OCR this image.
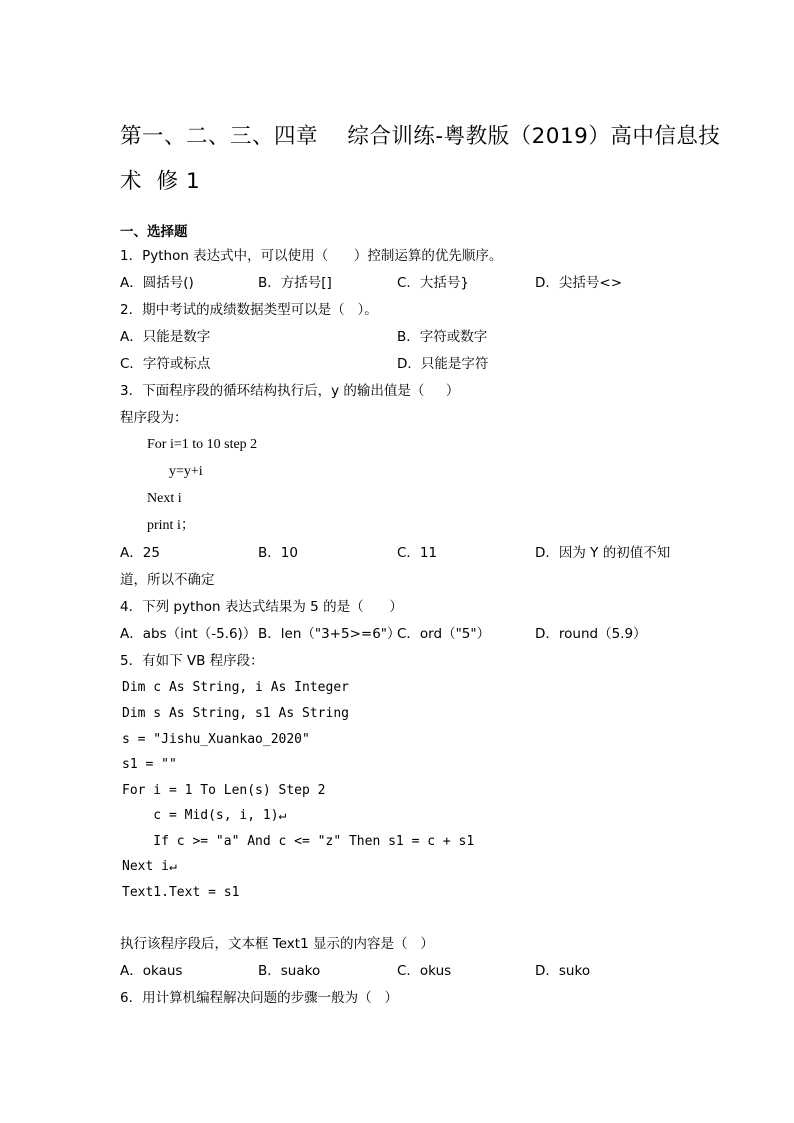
第一、二、三、四章    综合训练-粤教版（2019）高中信息技
术  修 1
一、选择题
1．Python 表达式中，可以使用（      ）控制运算的优先顺序。
A．圆括号()	B．方括号[]	C．大括号}	D．尖括号<>
2．期中考试的成绩数据类型可以是（   ）。
A．只能是数字	B．字符或数字
C．字符或标点	D．只能是字符
3．下面程序段的循环结构执行后，y 的输出值是（     ）
程序段为：
For i=1 to 10 step 2
y=y+i
Next i
print i；
A．25	B．10	C．11	D．因为 Y 的初值不知
道，所以不确定
4．下列 python 表达式结果为 5 的是（      ）
A．abs（int（-5.6)） B．len（"3+5>=6"）
C．ord（"5"）	D．round（5.9）
5．有如下 VB 程序段：
Dim c As String, i As Integer
Dim s As String, s1 As String
s = "Jishu_Xuankao_2020"
s1 = ""
For i = 1 To Len(s) Step 2
c = Mid(s, i, 1)↵
If c >= "a" And c <= "z" Then s1 = c + s1
Next i↵
Text1.Text = s1
执行该程序段后，文本框 Text1 显示的内容是（   ）
A．okaus	B．suako	C．okus	D．suko
6．用计算机编程解决问题的步骤一般为（   ）
